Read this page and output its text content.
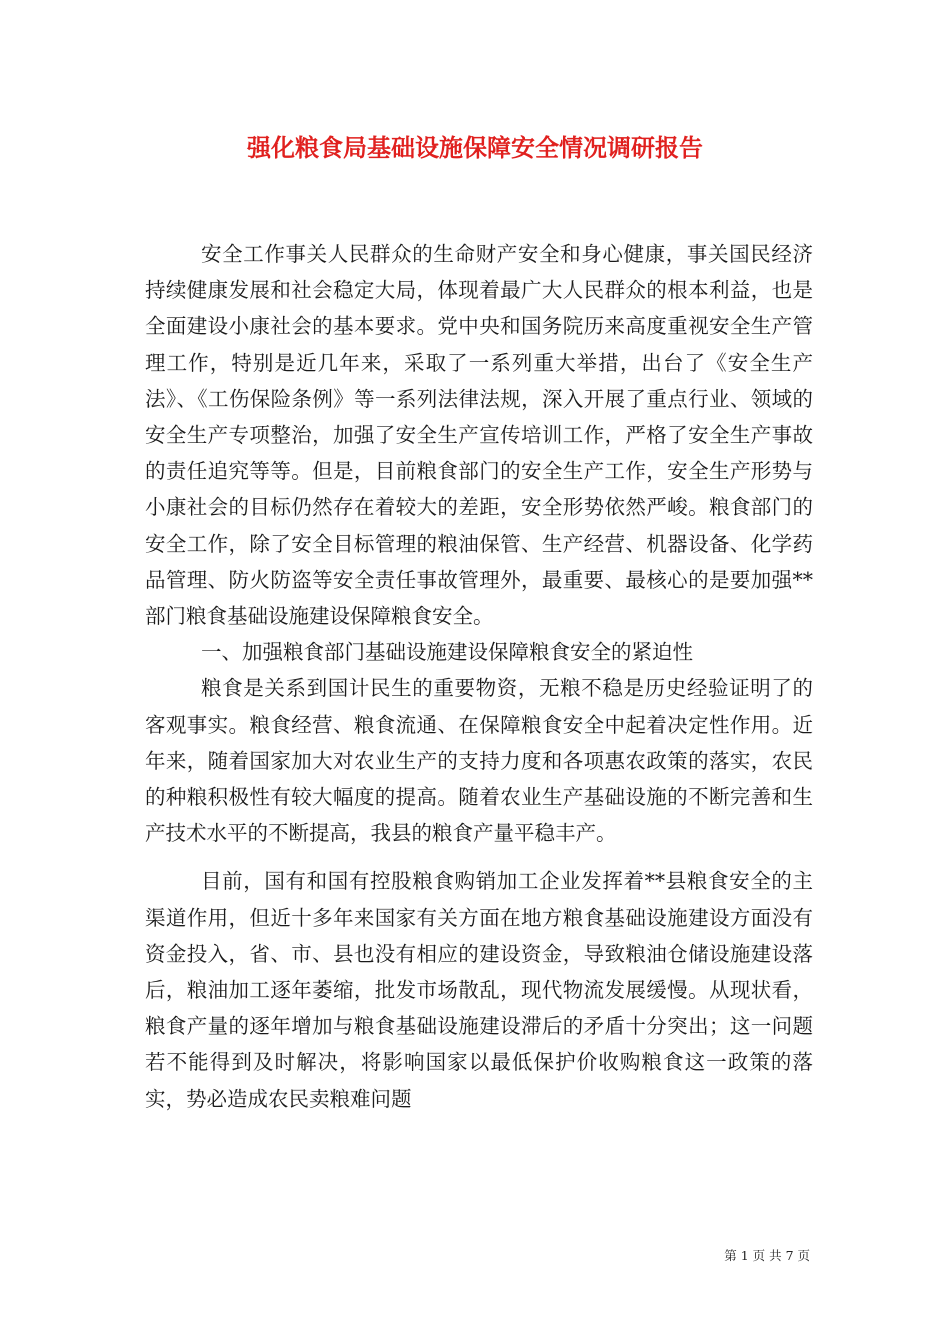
强化粮食局基础设施保障安全情况调研报告

安全工作事关人民群众的生命财产安全和身心健康，事关国民经济持续健康发展和社会稳定大局，体现着最广大人民群众的根本利益，也是全面建设小康社会的基本要求。党中央和国务院历来高度重视安全生产管理工作，特别是近几年来，采取了一系列重大举措，出台了《安全生产法》、《工伤保险条例》等一系列法律法规，深入开展了重点行业、领域的安全生产专项整治，加强了安全生产宣传培训工作，严格了安全生产事故的责任追究等等。但是，目前粮食部门的安全生产工作，安全生产形势与小康社会的目标仍然存在着较大的差距，安全形势依然严峻。粮食部门的安全工作，除了安全目标管理的粮油保管、生产经营、机器设备、化学药品管理、防火防盗等安全责任事故管理外，最重要、最核心的是要加强**部门粮食基础设施建设保障粮食安全。

一、加强粮食部门基础设施建设保障粮食安全的紧迫性

粮食是关系到国计民生的重要物资，无粮不稳是历史经验证明了的客观事实。粮食经营、粮食流通、在保障粮食安全中起着决定性作用。近年来，随着国家加大对农业生产的支持力度和各项惠农政策的落实，农民的种粮积极性有较大幅度的提高。随着农业生产基础设施的不断完善和生产技术水平的不断提高，我县的粮食产量平稳丰产。

目前，国有和国有控股粮食购销加工企业发挥着**县粮食安全的主渠道作用，但近十多年来国家有关方面在地方粮食基础设施建设方面没有资金投入，省、市、县也没有相应的建设资金，导致粮油仓储设施建设落后，粮油加工逐年萎缩，批发市场散乱，现代物流发展缓慢。从现状看，粮食产量的逐年增加与粮食基础设施建设滞后的矛盾十分突出；这一问题若不能得到及时解决，将影响国家以最低保护价收购粮食这一政策的落实，势必造成农民卖粮难问题

第 1 页 共 7 页
